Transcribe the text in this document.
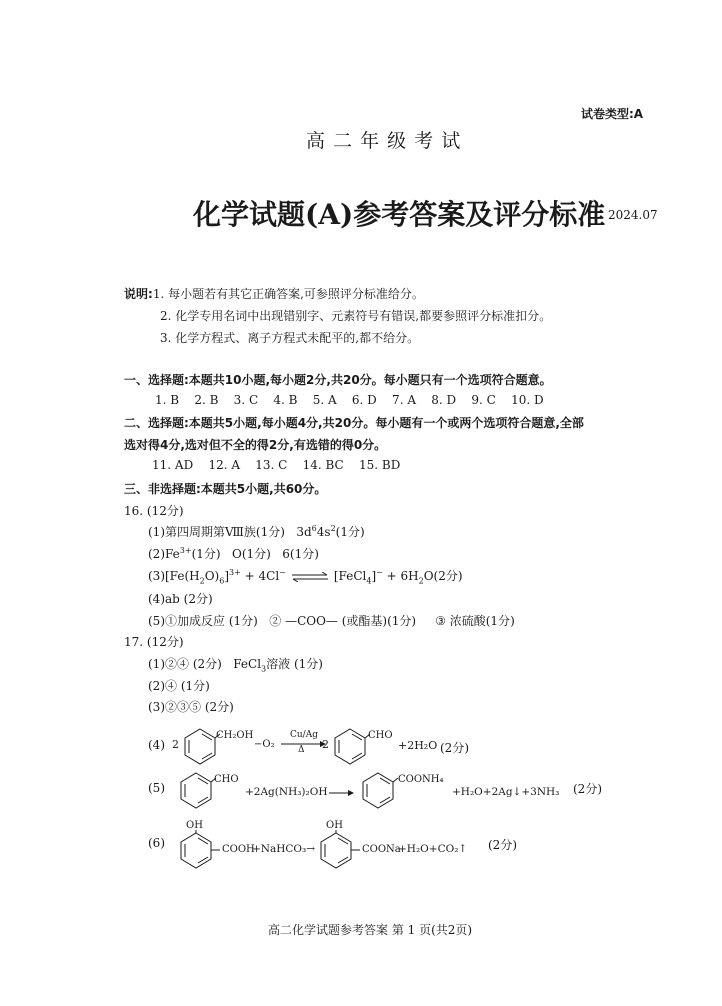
试卷类型:A
高 二 年 级 考 试
化学试题(A)参考答案及评分标准 2024.07
说明:1. 每小题若有其它正确答案,可参照评分标准给分。
2. 化学专用名词中出现错别字、元素符号有错误,都要参照评分标准扣分。
3. 化学方程式、离子方程式未配平的,都不给分。
一、选择题:本题共10小题,每小题2分,共20分。每小题只有一个选项符合题意。
1. B    2. B    3. C    4. B    5. A    6. D    7. A    8. D    9. C    10. D
二、选择题:本题共5小题,每小题4分,共20分。每小题有一个或两个选项符合题意,全部
选对得4分,选对但不全的得2分,有选错的得0分。
11. AD    12. A    13. C    14. BC    15. BD
三、非选择题:本题共5小题,共60分。
16. (12分)
(1)第四周期第Ⅷ族(1分)   $3d^64s^2(1$分)
$(2)Fe^{3+}(1$分)   O(1分)   6(1分)
$(3)[Fe(H_2O)_6]^{3+} + 4Cl^-$ ⇌ [FeCl$_4$]− + $6H_2O(2$分)
(4)ab (2分)
(5)①加成反应 (1分)   ② —COO— (或酯基)(1分)     ③ 浓硫酸(1分)
17. (12分)
(1)②④ (2分)   FeCl$_3$溶液 (1分)
(2)④ (1分)
(3)②③⑤ (2分)
(4) 2
CH₂OH
−O₂
Cu/Ag
Δ 2
CHO
+2H₂O (2分)
(5)
CHO
+2Ag(NH₃)₂OH →
COONH₄
+H₂O+2Ag↓+3NH₃ (2分)
(6)
OH
COOH
+NaHCO₃→
OH
COONa
+H₂O+CO₂↑ (2分)
高二化学试题参考答案 第 1 页(共2页)
